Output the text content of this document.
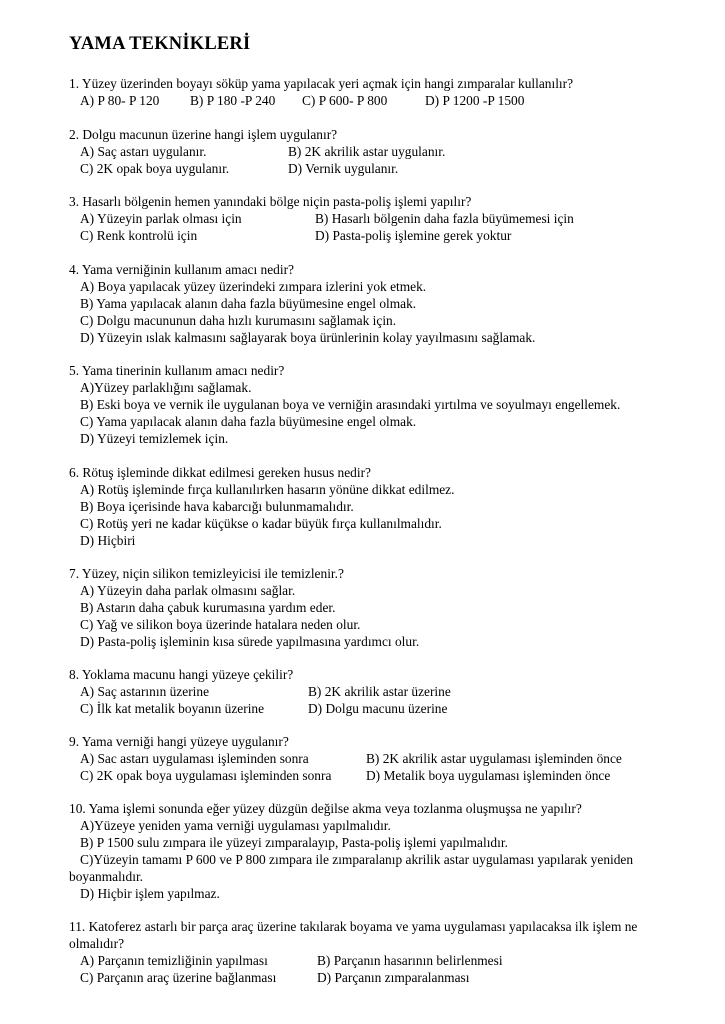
YAMA TEKNİKLERİ
1. Yüzey üzerinden boyayı söküp yama yapılacak yeri açmak için hangi zımparalar kullanılır?
A) P 80- P 120 B) P 180 -P 240 C) P 600- P 800	D) P 1200 -P 1500
2. Dolgu macunun üzerine hangi işlem uygulanır?
A) Saç astarı uygulanır.	B) 2K akrilik astar uygulanır.
C) 2K opak boya uygulanır.	D) Vernik uygulanır.
3. Hasarlı bölgenin hemen yanındaki bölge niçin pasta-poliş işlemi yapılır?
A) Yüzeyin parlak olması için	B) Hasarlı bölgenin daha fazla büyümemesi için
C) Renk kontrolü için	D) Pasta-poliş işlemine gerek yoktur
4. Yama verniğinin kullanım amacı nedir?
A) Boya yapılacak yüzey üzerindeki zımpara izlerini yok etmek.
B) Yama yapılacak alanın daha fazla büyümesine engel olmak.
C) Dolgu macununun daha hızlı kurumasını sağlamak için.
D) Yüzeyin ıslak kalmasını sağlayarak boya ürünlerinin kolay yayılmasını sağlamak.
5. Yama tinerinin kullanım amacı nedir?
A)Yüzey parlaklığını sağlamak.
B) Eski boya ve vernik ile uygulanan boya ve verniğin arasındaki yırtılma ve soyulmayı engellemek.
C) Yama yapılacak alanın daha fazla büyümesine engel olmak.
D) Yüzeyi temizlemek için.
6. Rötuş işleminde dikkat edilmesi gereken husus nedir?
A) Rotüş işleminde fırça kullanılırken hasarın yönüne dikkat edilmez.
B) Boya içerisinde hava kabarcığı bulunmamalıdır.
C) Rotüş yeri ne kadar küçükse o kadar büyük fırça kullanılmalıdır.
D) Hiçbiri
7. Yüzey, niçin silikon temizleyicisi ile temizlenir.?
A) Yüzeyin daha parlak olmasını sağlar.
B) Astarın daha çabuk kurumasına yardım eder.
C) Yağ ve silikon boya üzerinde hatalara neden olur.
D) Pasta-poliş işleminin kısa sürede yapılmasına yardımcı olur.
8. Yoklama macunu hangi yüzeye çekilir?
A) Saç astarının üzerine	B) 2K akrilik astar üzerine
C) İlk kat metalik boyanın üzerine	D) Dolgu macunu üzerine
9. Yama verniği hangi yüzeye uygulanır?
A) Sac astarı uygulaması işleminden sonra	B) 2K akrilik astar uygulaması işleminden önce
C) 2K opak boya uygulaması işleminden sonra	D) Metalik boya uygulaması işleminden önce
10. Yama işlemi sonunda eğer yüzey düzgün değilse akma veya tozlanma oluşmuşsa ne yapılır?
A)Yüzeye yeniden yama verniği uygulaması yapılmalıdır.
B) P 1500 sulu zımpara ile yüzeyi zımparalayıp, Pasta-poliş işlemi yapılmalıdır.
C)Yüzeyin tamamı P 600 ve P 800 zımpara ile zımparalanıp akrilik astar uygulaması yapılarak yeniden
boyanmalıdır.
D) Hiçbir işlem yapılmaz.
11. Katoferez astarlı bir parça araç üzerine takılarak boyama ve yama uygulaması yapılacaksa ilk işlem ne
olmalıdır?
A) Parçanın temizliğinin yapılması	B) Parçanın hasarının belirlenmesi
C) Parçanın araç üzerine bağlanması	D) Parçanın zımparalanması
